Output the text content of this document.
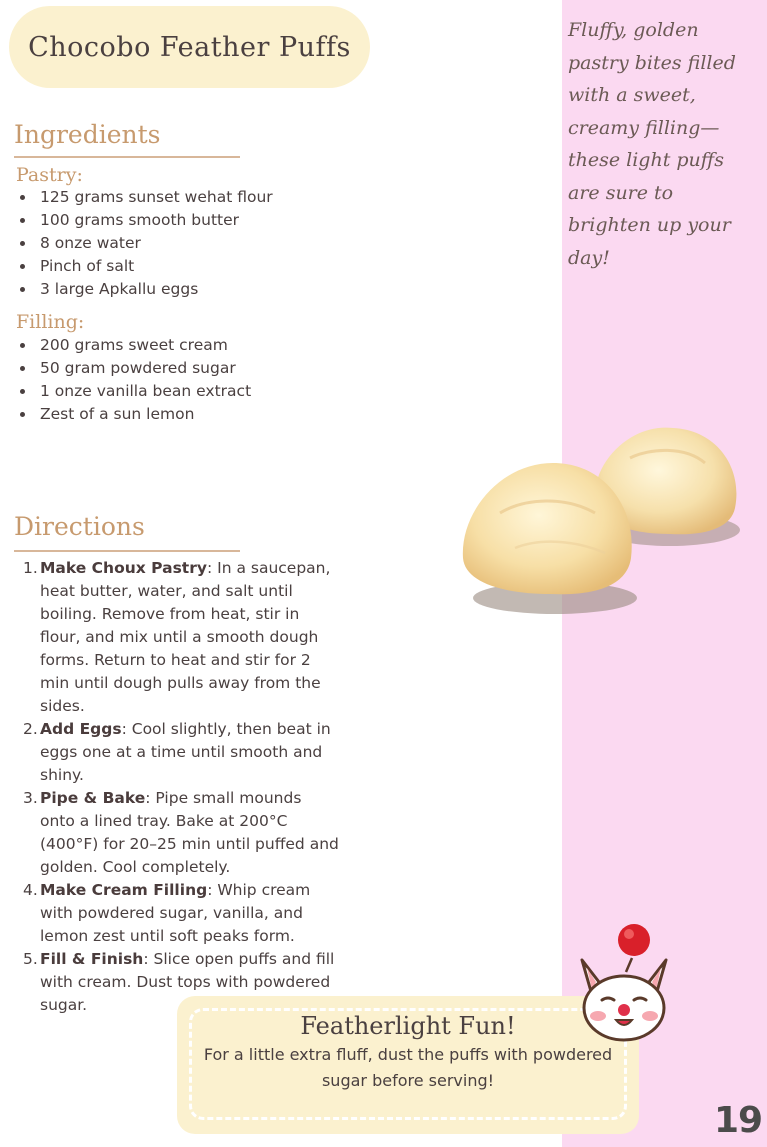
Fluffy, golden pastry bites filled with a sweet, creamy filling—these light puffs are sure to brighten up your day!

Chocobo Feather Puffs
Ingredients
Pastry:
125 grams sunset wehat flour
100 grams smooth butter
8 onze water
Pinch of salt
3 large Apkallu eggs
Filling:
200 grams sweet cream
50 gram powdered sugar
1 onze vanilla bean extract
Zest of a sun lemon
Directions
1. Make Choux Pastry: In a saucepan, heat butter, water, and salt until boiling. Remove from heat, stir in flour, and mix until a smooth dough forms. Return to heat and stir for 2 min until dough pulls away from the sides.
2. Add Eggs: Cool slightly, then beat in eggs one at a time until smooth and shiny.
3. Pipe & Bake: Pipe small mounds onto a lined tray. Bake at 200°C (400°F) for 20–25 min until puffed and golden. Cool completely.
4. Make Cream Filling: Whip cream with powdered sugar, vanilla, and lemon zest until soft peaks form.
5. Fill & Finish: Slice open puffs and fill with cream. Dust tops with powdered sugar.
Featherlight Fun!

For a little extra fluff, dust the puffs with powdered sugar before serving!

19
